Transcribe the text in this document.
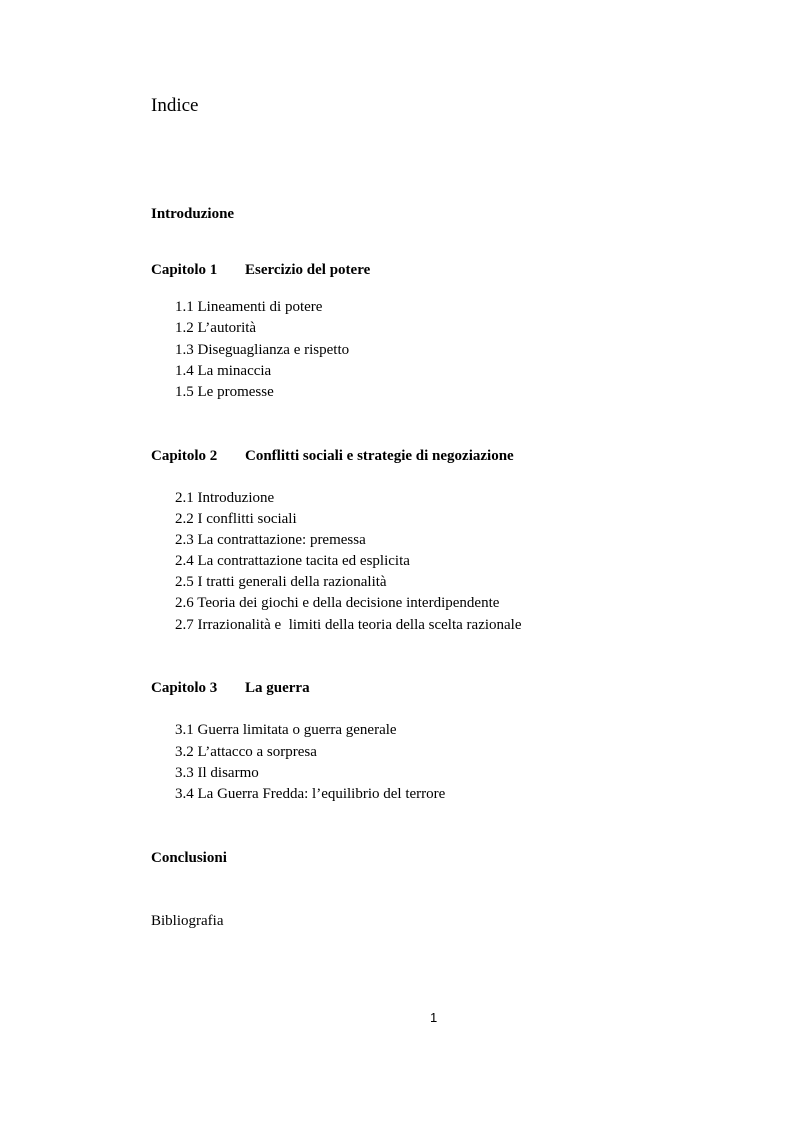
Indice
Introduzione
Capitolo 1 Esercizio del potere
1.1 Lineamenti di potere
1.2 L’autorità
1.3 Diseguaglianza e rispetto
1.4 La minaccia
1.5 Le promesse
Capitolo 2 Conflitti sociali e strategie di negoziazione
2.1 Introduzione
2.2 I conflitti sociali
2.3 La contrattazione: premessa
2.4 La contrattazione tacita ed esplicita
2.5 I tratti generali della razionalità
2.6 Teoria dei giochi e della decisione interdipendente
2.7 Irrazionalità e  limiti della teoria della scelta razionale
Capitolo 3 La guerra
3.1 Guerra limitata o guerra generale
3.2 L’attacco a sorpresa
3.3 Il disarmo
3.4 La Guerra Fredda: l’equilibrio del terrore
Conclusioni
Bibliografia
1
